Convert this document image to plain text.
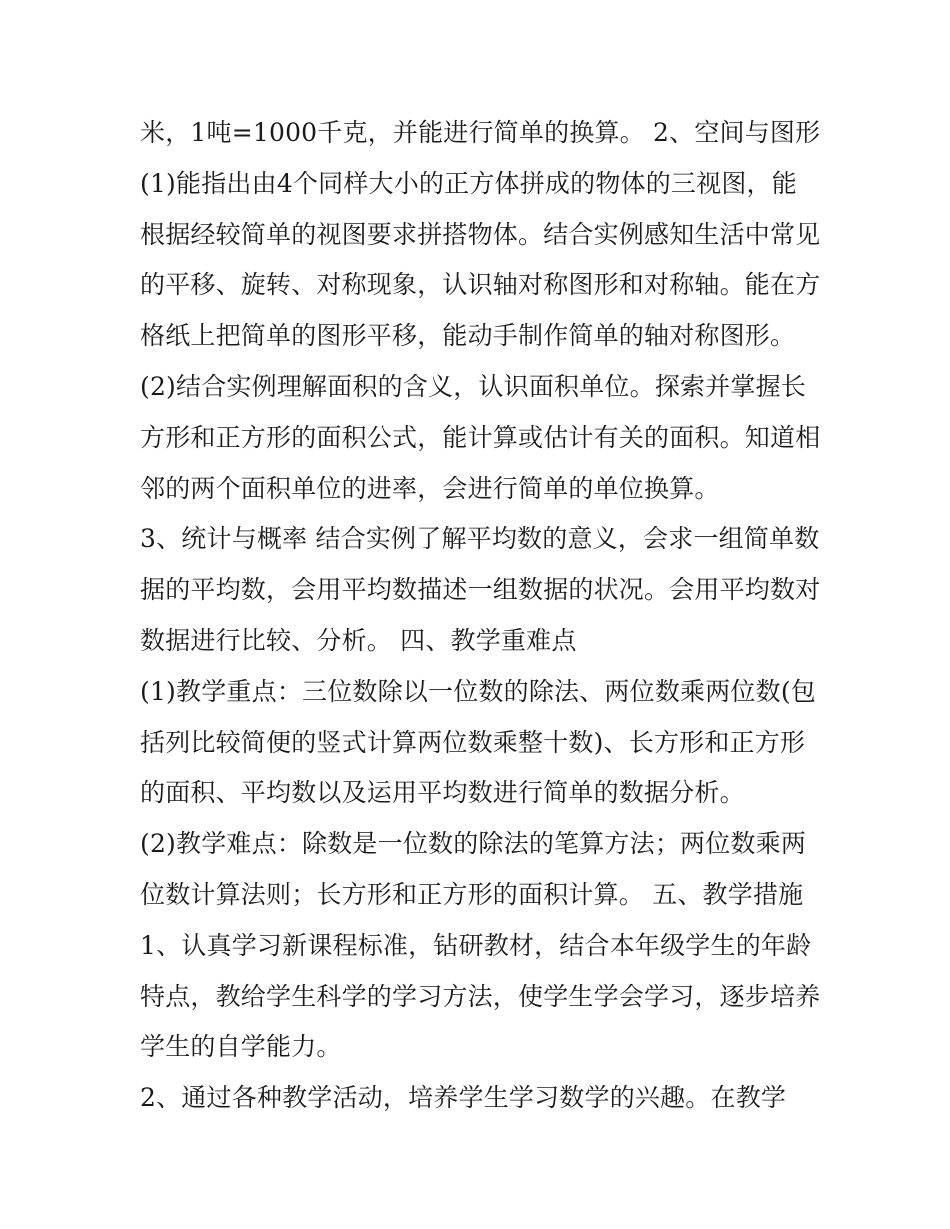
米，1吨=1000千克，并能进行简单的换算。 2、空间与图形
(1)能指出由4个同样大小的正方体拼成的物体的三视图，能
根据经较简单的视图要求拼搭物体。结合实例感知生活中常见
的平移、旋转、对称现象，认识轴对称图形和对称轴。能在方
格纸上把简单的图形平移，能动手制作简单的轴对称图形。
(2)结合实例理解面积的含义，认识面积单位。探索并掌握长
方形和正方形的面积公式，能计算或估计有关的面积。知道相
邻的两个面积单位的进率，会进行简单的单位换算。
3、统计与概率 结合实例了解平均数的意义，会求一组简单数
据的平均数，会用平均数描述一组数据的状况。会用平均数对
数据进行比较、分析。 四、教学重难点
(1)教学重点：三位数除以一位数的除法、两位数乘两位数(包
括列比较简便的竖式计算两位数乘整十数)、长方形和正方形
的面积、平均数以及运用平均数进行简单的数据分析。
(2)教学难点：除数是一位数的除法的笔算方法；两位数乘两
位数计算法则；长方形和正方形的面积计算。 五、教学措施
1、认真学习新课程标准，钻研教材，结合本年级学生的年龄
特点，教给学生科学的学习方法，使学生学会学习，逐步培养
学生的自学能力。
2、通过各种教学活动，培养学生学习数学的兴趣。在教学
